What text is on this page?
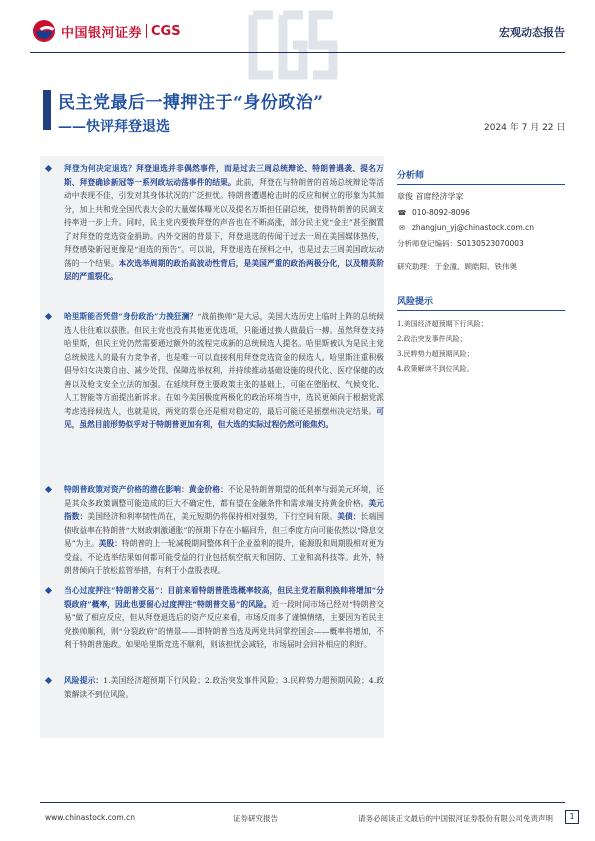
中国银河证券 CGS	宏观动态报告
民主党最后一搏押注于“身份政治”
——快评拜登退选	2024 年 7 月 22 日

拜登为何决定退选？拜登退选并非偶然事件，而是过去三周总统辩论、特朗普遇袭、提名万斯、拜登确诊新冠等一系列政坛动荡事件的结果。此前，拜登在与特朗普的首场总统辩论等活动中表现不佳，引发对其身体状况的广泛担忧。特朗普遭遇枪击时的反应和树立的形象为其加分，加上共和党全国代表大会的大量媒体曝光以及提名万斯担任副总统，使得特朗普的民调支持率进一步上升。同时，民主党内要换拜登的声音也在不断高涨，部分民主党“金主”甚至搁置了对拜登的竞选资金捐助。内外交困的背景下，拜登退选的传闻于过去一周在美国媒体热传，拜登感染新冠更像是“退选的预告”。可以说，拜登退选在预料之中，也是过去三周美国政坛动荡的一个结果。本次选举周期的政治高波动性背后，是美国严重的政治两极分化，以及精英阶层的严重裂化。

哈里斯能否凭借“身份政治”力挽狂澜？“战前换帅”是大忌，美国大选历史上临时上阵的总统候选人往往难以获胜。但民主党也没有其他更优选项，只能通过换人做最后一搏。虽然拜登支持哈里斯，但民主党仍然需要通过额外的流程完成新的总统候选人提名。哈里斯被认为是民主党总统候选人的最有力竞争者，也是唯一可以直接利用拜登竞选资金的候选人。哈里斯注重积极倡导妇女决策自由、减少处罚、保障选举权利，并持续推动基础设施的现代化、医疗保健的改善以及枪支安全立法的加强。在延续拜登主要政策主张的基础上，可能在堕胎权、气候变化、人工智能等方面提出新诉求。在如今美国极度两极化的政治环境当中，选民更倾向于根据党派考虑选择候选人，也就是说，两党的票仓还是相对稳定的，最后可能还是摇摆州决定结果。可见，虽然目前形势似乎对于特朗普更加有利，但大选的实际过程仍然可能焦灼。

特朗普政策对资产价格的潜在影响：黄金价格：不论是特朗普期望的低利率与弱美元环境，还是其众多政策调整可能造成的巨大不确定性，都有望在金融条件和需求端支持黄金价格。美元指数：美国经济和利率韧性尚在，美元短期仍将保持相对强势，下行空间有限。美债：长端国债收益率在特朗普“大财政刺激通胀”的预期下存在小幅回升，但三季度方向可能依然以“降息交易”为主。美股：特朗普的上一轮减税期间整体利于企业盈利的提升，能源股和周期股相对更为受益。不论选举结果如何都可能受益的行业包括航空航天和国防、工业和高科技等。此外，特朗普倾向于放松监管举措，有利于小盘股表现。

当心过度押注“特朗普交易”：目前来看特朗普胜选概率较高，但民主党若顺利换帅将增加“分裂政府”概率，因此也要留心过度押注“特朗普交易”的风险。近一段时间市场已经对“特朗普交易”做了相应反应，但从拜登退选后的资产反应来看，市场反而多了谨慎情绪，主要因为若民主党换帅顺利，则“分裂政府”的情景——即特朗普当选及两党共同掌控国会——概率将增加，不利于特朗普施政。如果哈里斯竞选不顺利，则该担忧会减轻，市场届时会回补相应的利好。

风险提示：1.美国经济超预期下行风险；2.政治突发事件风险；3.民粹势力超预期风险；4.政策解读不到位风险。

分析师
章俊 首席经济学家
☎ 010-8092-8096
✉ zhangjun_yj@chinastock.com.cn
分析师登记编码：S0130523070003
研究助理：于金潼、顾皓阳、铁伟奥
风险提示
1.美国经济超预期下行风险；
2.政治突发事件风险；
3.民粹势力超预期风险；
4.政策解读不到位风险。
www.chinastock.com.cn	证券研究报告	请务必阅读正文最后的中国银河证券股份有限公司免责声明	1
